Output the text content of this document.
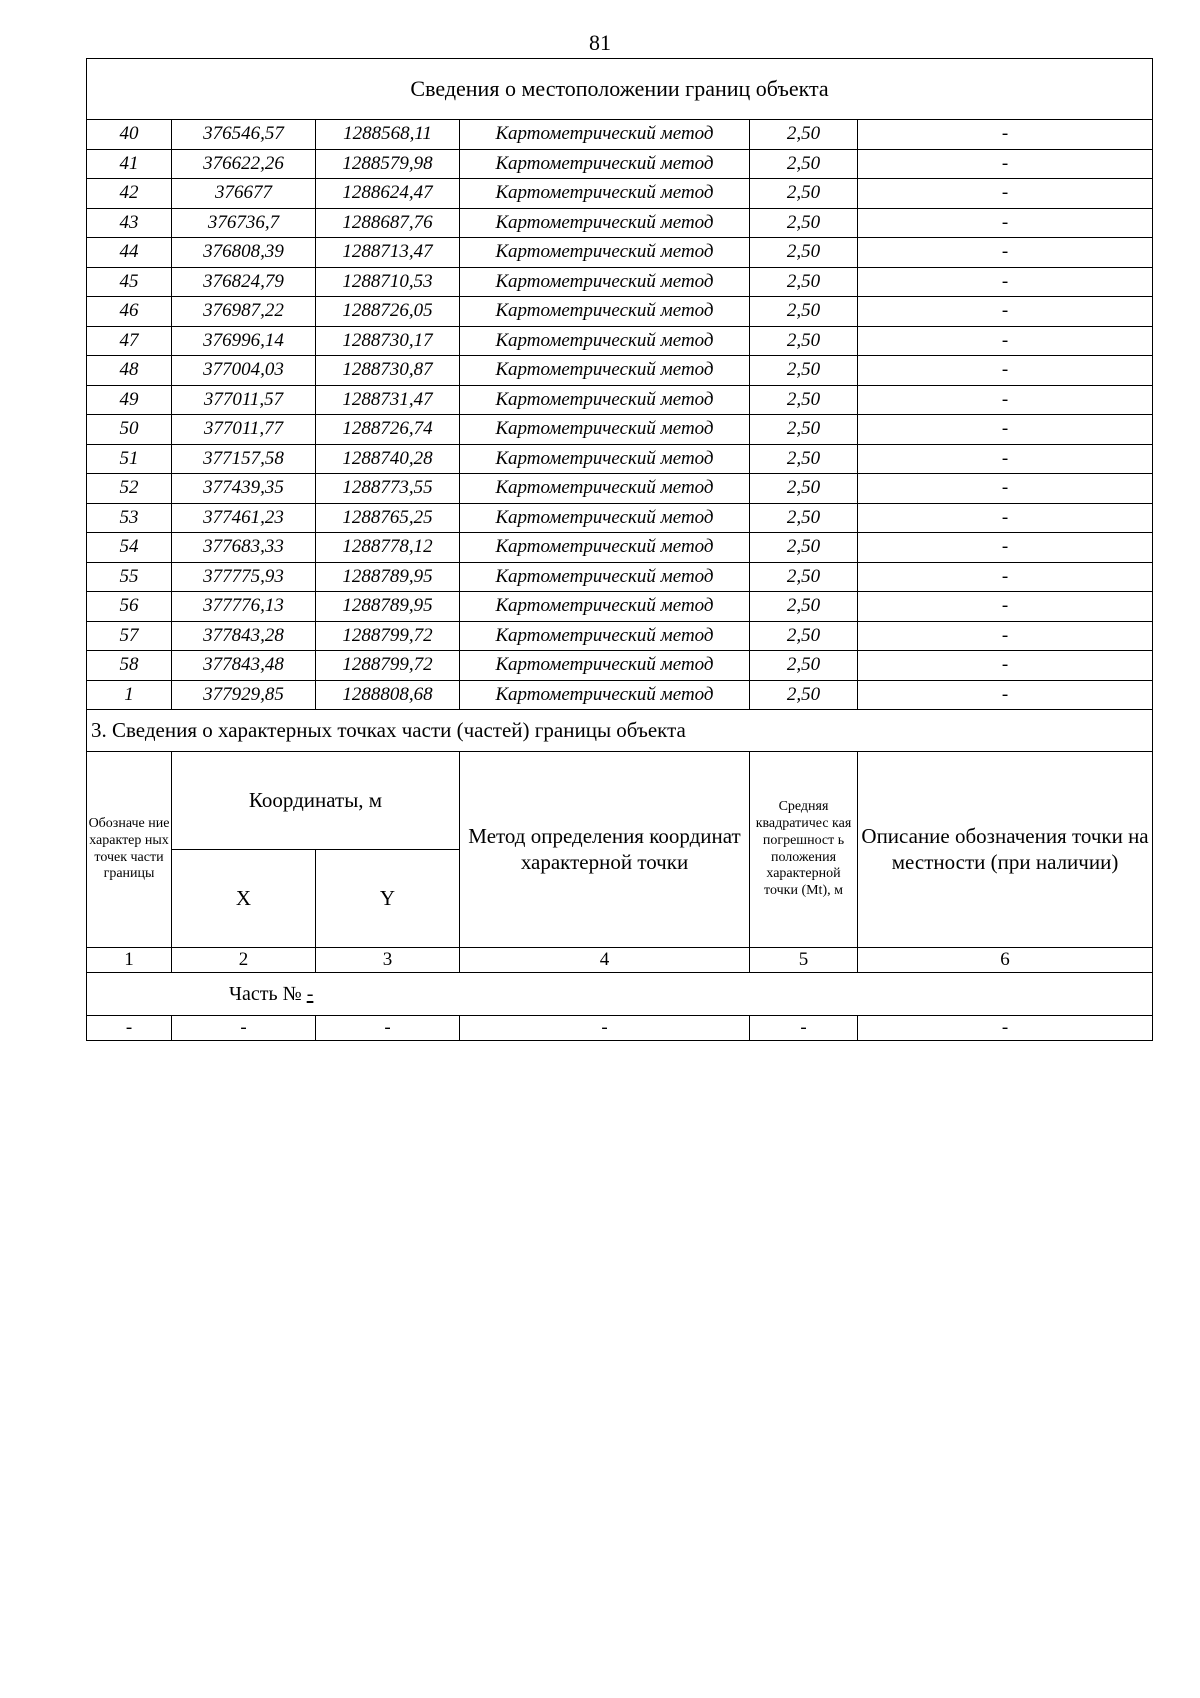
81
Сведения о местоположении границ объекта					
40	376546,57	1288568,11	Картометрический метод	2,50	-
41	376622,26	1288579,98	Картометрический метод	2,50	-
42	376677	1288624,47	Картометрический метод	2,50	-
43	376736,7	1288687,76	Картометрический метод	2,50	-
44	376808,39	1288713,47	Картометрический метод	2,50	-
45	376824,79	1288710,53	Картометрический метод	2,50	-
46	376987,22	1288726,05	Картометрический метод	2,50	-
47	376996,14	1288730,17	Картометрический метод	2,50	-
48	377004,03	1288730,87	Картометрический метод	2,50	-
49	377011,57	1288731,47	Картометрический метод	2,50	-
50	377011,77	1288726,74	Картометрический метод	2,50	-
51	377157,58	1288740,28	Картометрический метод	2,50	-
52	377439,35	1288773,55	Картометрический метод	2,50	-
53	377461,23	1288765,25	Картометрический метод	2,50	-
54	377683,33	1288778,12	Картометрический метод	2,50	-
55	377775,93	1288789,95	Картометрический метод	2,50	-
56	377776,13	1288789,95	Картометрический метод	2,50	-
57	377843,28	1288799,72	Картометрический метод	2,50	-
58	377843,48	1288799,72	Картометрический метод	2,50	-
1	377929,85	1288808,68	Картометрический метод	2,50	-
3. Сведения о характерных точках части (частей) границы объекта					
Обозначе ние характер ных точек части границы	Координаты, м		Метод определения координат характерной точки	Средняя квадратичес кая погрешност ь положения характерной точки (Mt), м	Описание обозначения точки на местности (при наличии)
	X	Y			
1	2	3	4	5	6
Часть № -					
-	-	-	-	-	-
